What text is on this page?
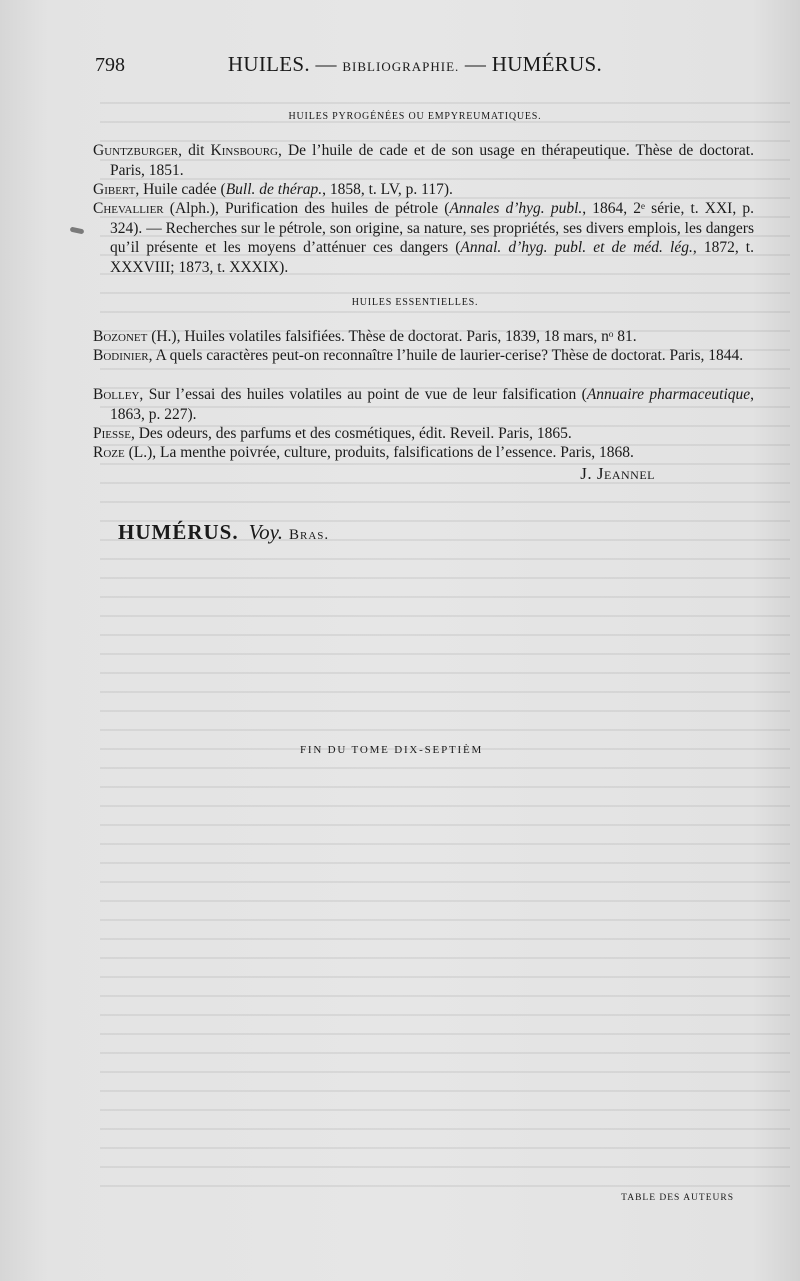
798	HUILES. — BIBLIOGRAPHIE. — HUMÉRUS.
HUILES PYROGÉNÉES OU EMPYREUMATIQUES.

Guntzburger, dit Kinsbourg, De l’huile de cade et de son usage en thérapeutique. Thèse de doctorat. Paris, 1851.

Gibert, Huile cadée (Bull. de thérap., 1858, t. LV, p. 117).

Chevallier (Alph.), Purification des huiles de pétrole (Annales d’hyg. publ., 1864, 2ᵉ série, t. XXI, p. 324). — Recherches sur le pétrole, son origine, sa nature, ses propriétés, ses divers emplois, les dangers qu’il présente et les moyens d’atténuer ces dangers (Annal. d’hyg. publ. et de méd. lég., 1872, t. XXXVIII; 1873, t. XXXIX).

HUILES ESSENTIELLES.

Bozonet (H.), Huiles volatiles falsifiées. Thèse de doctorat. Paris, 1839, 18 mars, nᵒ 81.

Bodinier, A quels caractères peut-on reconnaître l’huile de laurier-cerise? Thèse de doctorat. Paris, 1844.

Bolley, Sur l’essai des huiles volatiles au point de vue de leur falsification (Annuaire pharmaceutique, 1863, p. 227).

Piesse, Des odeurs, des parfums et des cosmétiques, édit. Reveil. Paris, 1865.

Roze (L.), La menthe poivrée, culture, produits, falsifications de l’essence. Paris, 1868.

J. Jeannel
HUMÉRUS. Voy. Bras.
FIN DU TOME DIX-SEPTIÈM
TABLE DES AUTEURS
